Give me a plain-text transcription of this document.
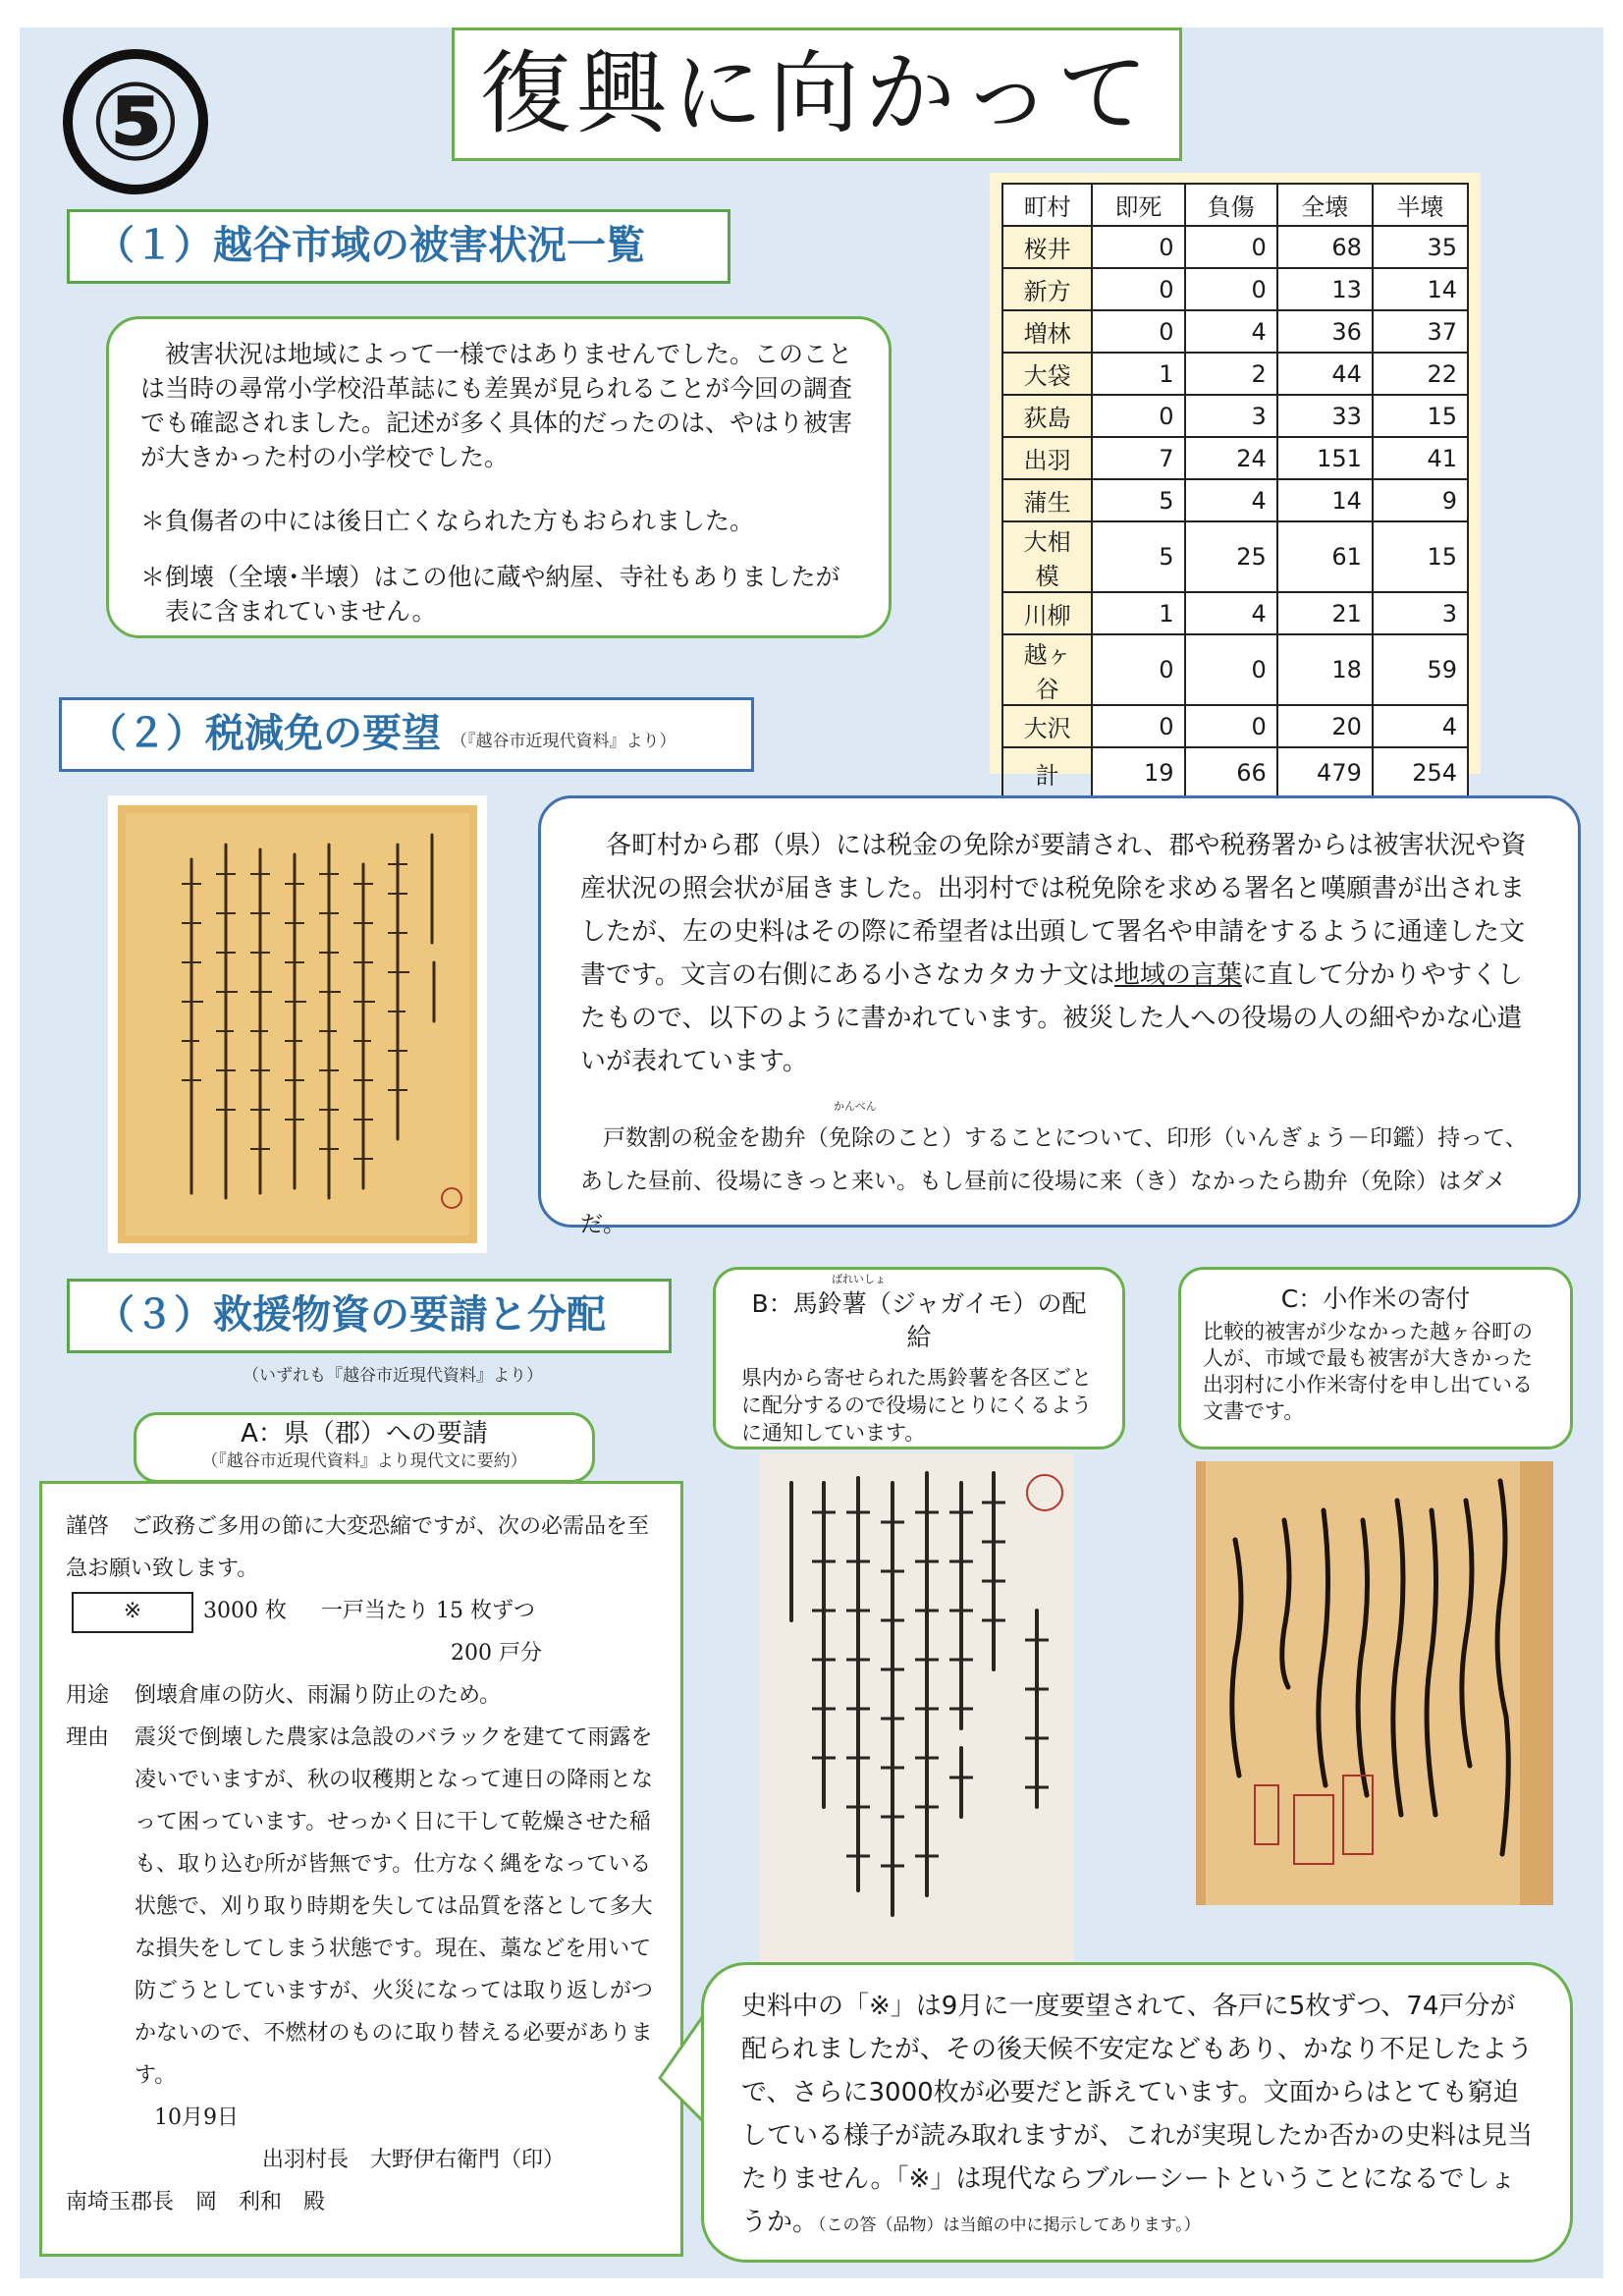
⑤	復興に向かって
（１）越谷市域の被害状況一覧

被害状況は地域によって一様ではありませんでした。このことは当時の尋常小学校沿革誌にも差異が見られることが今回の調査でも確認されました。記述が多く具体的だったのは、やはり被害が大きかった村の小学校でした。

＊負傷者の中には後日亡くなられた方もおられました。

＊倒壊（全壊･半壊）はこの他に蔵や納屋、寺社もありましたが表に含まれていません。

町村	即死	負傷	全壊	半壊
桜井	0	0	68	35
新方	0	0	13	14
増林	0	4	36	37
大袋	1	2	44	22
荻島	0	3	33	15
出羽	7	24	151	41
蒲生	5	4	14	9
大相模	5	25	61	15
川柳	1	4	21	3
越ヶ谷	0	0	18	59
大沢	0	0	20	4
計	19	66	479	254
（２）税減免の要望 （『越谷市近現代資料』より）

各町村から郡（県）には税金の免除が要請され、郡や税務署からは被害状況や資産状況の照会状が届きました。出羽村では税免除を求める署名と嘆願書が出されましたが、左の史料はその際に希望者は出頭して署名や申請をするように通達した文書です。文言の右側にある小さなカタカナ文は地域の言葉に直して分かりやすくしたもので、以下のように書かれています。被災した人への役場の人の細やかな心遣いが表れています。

かんべん
戸数割の税金を勘弁（免除のこと）することについて、印形（いんぎょう－印鑑）持って、あした昼前、役場にきっと来い。もし昼前に役場に来（き）なかったら勘弁（免除）はダメだ。
（３）救援物資の要請と分配
（いずれも『越谷市近現代資料』より）
A：県（郡）への要請
（『越谷市近現代資料』より現代文に要約）
謹啓　ご政務ご多用の節に大変恐縮ですが、次の必需品を至急お願い致します。
※	3000 枚 一戸当たり 15 枚ずつ
200 戸分
用途	倒壊倉庫の防火、雨漏り防止のため。
理由	震災で倒壊した農家は急設のバラックを建てて雨露を凌いでいますが、秋の収穫期となって連日の降雨となって困っています。せっかく日に干して乾燥させた稲も、取り込む所が皆無です。仕方なく縄をなっている状態で、刈り取り時期を失しては品質を落として多大な損失をしてしまう状態です。現在、藁などを用いて防ごうとしていますが、火災になっては取り返しがつかないので、不燃材のものに取り替える必要があります。
10月9日
出羽村長　大野伊右衛門（印）
南埼玉郡長　岡　利和　殿
ばれいしょ
B：馬鈴薯（ジャガイモ）の配給
県内から寄せられた馬鈴薯を各区ごとに配分するので役場にとりにくるように通知しています。
C：小作米の寄付
比較的被害が少なかった越ヶ谷町の人が、市域で最も被害が大きかった出羽村に小作米寄付を申し出ている文書です。
史料中の「※」は9月に一度要望されて、各戸に5枚ずつ、74戸分が配られましたが、その後天候不安定などもあり、かなり不足したようで、さらに3000枚が必要だと訴えています。文面からはとても窮迫している様子が読み取れますが、これが実現したか否かの史料は見当たりません。「※」は現代ならブルーシートということになるでしょうか。（この答（品物）は当館の中に掲示してあります。）
